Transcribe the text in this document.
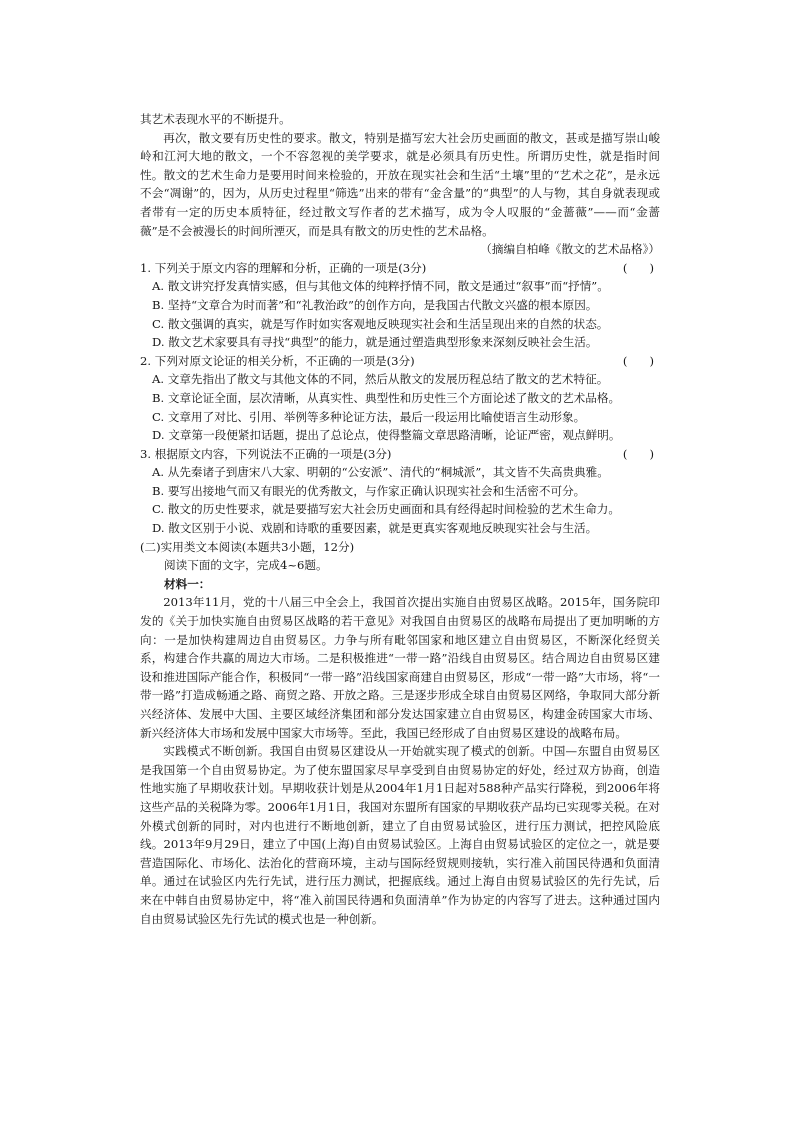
其艺术表现水平的不断提升。

再次，散文要有历史性的要求。散文，特别是描写宏大社会历史画面的散文，甚或是描写崇山峻岭和江河大地的散文，一个不容忽视的美学要求，就是必须具有历史性。所谓历史性，就是指时间性。散文的艺术生命力是要用时间来检验的，开放在现实社会和生活“土壤”里的“艺术之花”，是永远不会“凋谢”的，因为，从历史过程里“筛选”出来的带有“金含量”的“典型”的人与物，其自身就表现或者带有一定的历史本质特征，经过散文写作者的艺术描写，成为令人叹服的“金蔷薇”——而“金蔷薇”是不会被漫长的时间所湮灭，而是具有散文的历史性的艺术品格。

（摘编自柏峰《散文的艺术品格》）

1. 下列关于原文内容的理解和分析，正确的一项是(3分)	(      )

A. 散文讲究抒发真情实感，但与其他文体的纯粹抒情不同，散文是通过“叙事”而“抒情”。

B. 坚持“文章合为时而著”和“礼教治政”的创作方向，是我国古代散文兴盛的根本原因。

C. 散文强调的真实，就是写作时如实客观地反映现实社会和生活呈现出来的自然的状态。

D. 散文艺术家要具有寻找“典型”的能力，就是通过塑造典型形象来深刻反映社会生活。

2. 下列对原文论证的相关分析，不正确的一项是(3分)	(      )

A. 文章先指出了散文与其他文体的不同，然后从散文的发展历程总结了散文的艺术特征。

B. 文章论证全面，层次清晰，从真实性、典型性和历史性三个方面论述了散文的艺术品格。

C. 文章用了对比、引用、举例等多种论证方法，最后一段运用比喻使语言生动形象。

D. 文章第一段便紧扣话题，提出了总论点，使得整篇文章思路清晰，论证严密，观点鲜明。

3. 根据原文内容，下列说法不正确的一项是(3分)	(      )

A. 从先秦诸子到唐宋八大家、明朝的“公安派”、清代的“桐城派”，其文皆不失高贵典雅。

B. 要写出接地气而又有眼光的优秀散文，与作家正确认识现实社会和生活密不可分。

C. 散文的历史性要求，就是要描写宏大社会历史画面和具有经得起时间检验的艺术生命力。

D. 散文区别于小说、戏剧和诗歌的重要因素，就是更真实客观地反映现实社会与生活。

(二)实用类文本阅读(本题共3小题，12分)

阅读下面的文字，完成4~6题。

材料一：

2013年11月，党的十八届三中全会上，我国首次提出实施自由贸易区战略。2015年，国务院印发的《关于加快实施自由贸易区战略的若干意见》对我国自由贸易区的战略布局提出了更加明晰的方向：一是加快构建周边自由贸易区。力争与所有毗邻国家和地区建立自由贸易区，不断深化经贸关系，构建合作共赢的周边大市场。二是积极推进“一带一路”沿线自由贸易区。结合周边自由贸易区建设和推进国际产能合作，积极同“一带一路”沿线国家商建自由贸易区，形成“一带一路”大市场，将“一带一路”打造成畅通之路、商贸之路、开放之路。三是逐步形成全球自由贸易区网络，争取同大部分新兴经济体、发展中大国、主要区域经济集团和部分发达国家建立自由贸易区，构建金砖国家大市场、新兴经济体大市场和发展中国家大市场等。至此，我国已经形成了自由贸易区建设的战略布局。

实践模式不断创新。我国自由贸易区建设从一开始就实现了模式的创新。中国—东盟自由贸易区是我国第一个自由贸易协定。为了使东盟国家尽早享受到自由贸易协定的好处，经过双方协商，创造性地实施了早期收获计划。早期收获计划是从2004年1月1日起对588种产品实行降税，到2006年将这些产品的关税降为零。2006年1月1日，我国对东盟所有国家的早期收获产品均已实现零关税。在对外模式创新的同时，对内也进行不断地创新，建立了自由贸易试验区，进行压力测试，把控风险底线。2013年9月29日，建立了中国(上海)自由贸易试验区。上海自由贸易试验区的定位之一，就是要营造国际化、市场化、法治化的营商环境，主动与国际经贸规则接轨，实行准入前国民待遇和负面清单。通过在试验区内先行先试，进行压力测试，把握底线。通过上海自由贸易试验区的先行先试，后来在中韩自由贸易协定中，将“准入前国民待遇和负面清单”作为协定的内容写了进去。这种通过国内自由贸易试验区先行先试的模式也是一种创新。
